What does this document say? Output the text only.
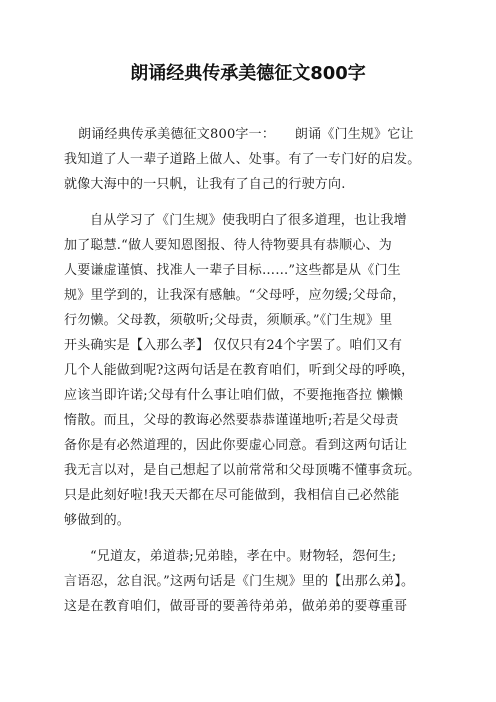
朗诵经典传承美德征文800字
朗诵经典传承美德征文800字一：　　朗诵《门生规》它让
我知道了人一辈子道路上做人、处事。有了一专门好的启发。
就像大海中的一只帆，让我有了自己的行驶方向.
自从学习了《门生规》使我明白了很多道理，也让我增
加了聪慧.“做人要知恩图报、待人待物要具有恭顺心、为
人要谦虚谨慎、找准人一辈子目标……”这些都是从《门生
规》里学到的，让我深有感触。“父母呼，应勿缓;父母命，
行勿懒。父母教，须敬听;父母责，须顺承。”《门生规》里
开头确实是【入那么孝】 仅仅只有24个字罢了。咱们又有
几个人能做到呢?这两句话是在教育咱们，听到父母的呼唤，
应该当即许诺;父母有什么事让咱们做，不要拖拖沓拉 懒懒
惰散。而且，父母的教诲必然要恭恭谨谨地听;若是父母责
备你是有必然道理的，因此你要虚心同意。看到这两句话让
我无言以对，是自己想起了以前常常和父母顶嘴不懂事贪玩。
只是此刻好啦!我天天都在尽可能做到，我相信自己必然能
够做到的。
“兄道友，弟道恭;兄弟睦，孝在中。财物轻，怨何生;
言语忍，忿自泯。”这两句话是《门生规》里的【出那么弟】。
这是在教育咱们，做哥哥的要善待弟弟，做弟弟的要尊重哥
